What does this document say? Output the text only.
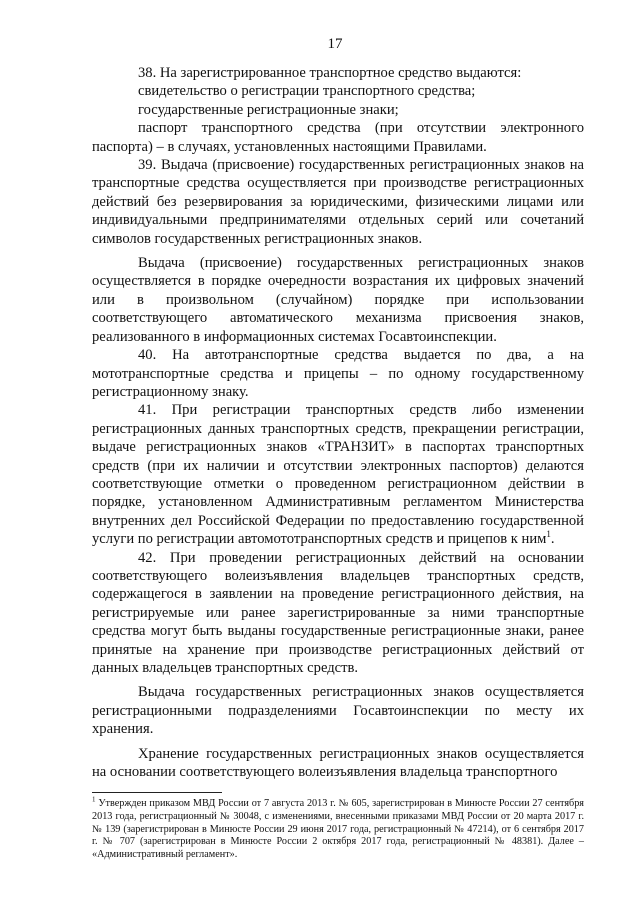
17

38. На зарегистрированное транспортное средство выдаются:

свидетельство о регистрации транспортного средства;

государственные регистрационные знаки;

паспорт транспортного средства (при отсутствии электронного паспорта) – в случаях, установленных настоящими Правилами.

39. Выдача (присвоение) государственных регистрационных знаков на транспортные средства осуществляется при производстве регистрационных действий без резервирования за юридическими, физическими лицами или индивидуальными предпринимателями отдельных серий или сочетаний символов государственных регистрационных знаков.

Выдача (присвоение) государственных регистрационных знаков осуществляется в порядке очередности возрастания их цифровых значений или в произвольном (случайном) порядке при использовании соответствующего автоматического механизма присвоения знаков, реализованного в информационных системах Госавтоинспекции.

40. На автотранспортные средства выдается по два, а на мототранспортные средства и прицепы – по одному государственному регистрационному знаку.

41. При регистрации транспортных средств либо изменении регистрационных данных транспортных средств, прекращении регистрации, выдаче регистрационных знаков «ТРАНЗИТ» в паспортах транспортных средств (при их наличии и отсутствии электронных паспортов) делаются соответствующие отметки о проведенном регистрационном действии в порядке, установленном Административным регламентом Министерства внутренних дел Российской Федерации по предоставлению государственной услуги по регистрации автомототранспортных средств и прицепов к ним$^1$.

42. При проведении регистрационных действий на основании соответствующего волеизъявления владельцев транспортных средств, содержащегося в заявлении на проведение регистрационного действия, на регистрируемые или ранее зарегистрированные за ними транспортные средства могут быть выданы государственные регистрационные знаки, ранее принятые на хранение при производстве регистрационных действий от данных владельцев транспортных средств.

Выдача государственных регистрационных знаков осуществляется регистрационными подразделениями Госавтоинспекции по месту их хранения.

Хранение государственных регистрационных знаков осуществляется на основании соответствующего волеизъявления владельца транспортного

$^1$ Утвержден приказом МВД России от 7 августа 2013 г. № 605, зарегистрирован в Минюсте России 27 сентября 2013 года, регистрационный № 30048, с изменениями, внесенными приказами МВД России от 20 марта 2017 г. № 139 (зарегистрирован в Минюсте России 29 июня 2017 года, регистрационный № 47214), от 6 сентября 2017 г. № 707 (зарегистрирован в Минюсте России 2 октября 2017 года, регистрационный № 48381). Далее – «Административный регламент».
